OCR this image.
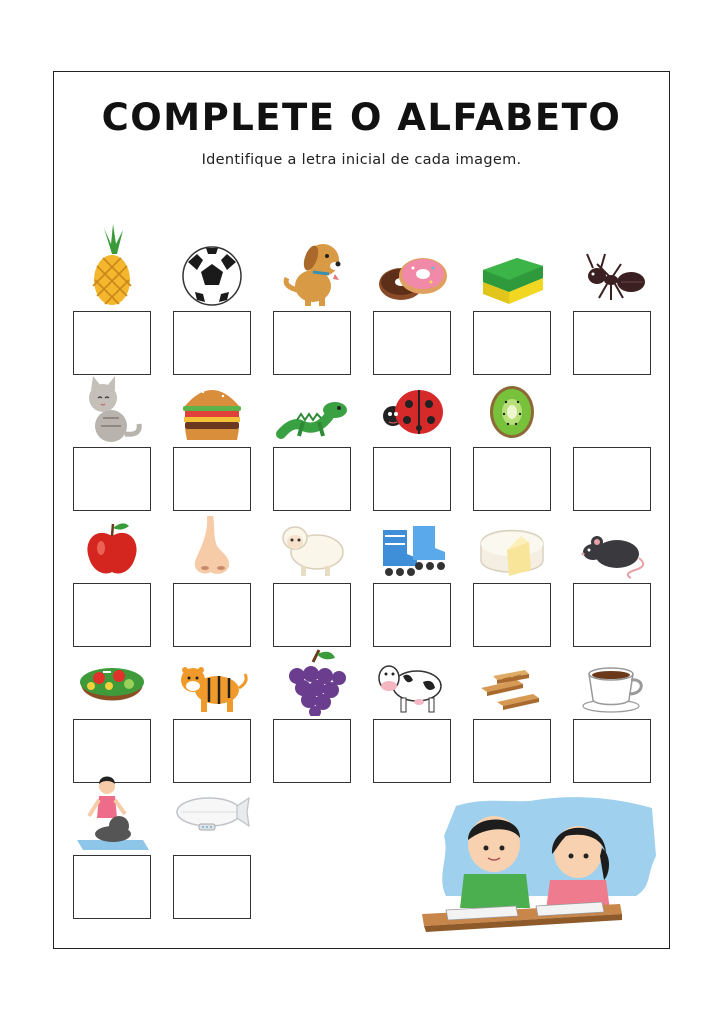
COMPLETE O ALFABETO
Identifique a letra inicial de cada imagem.
